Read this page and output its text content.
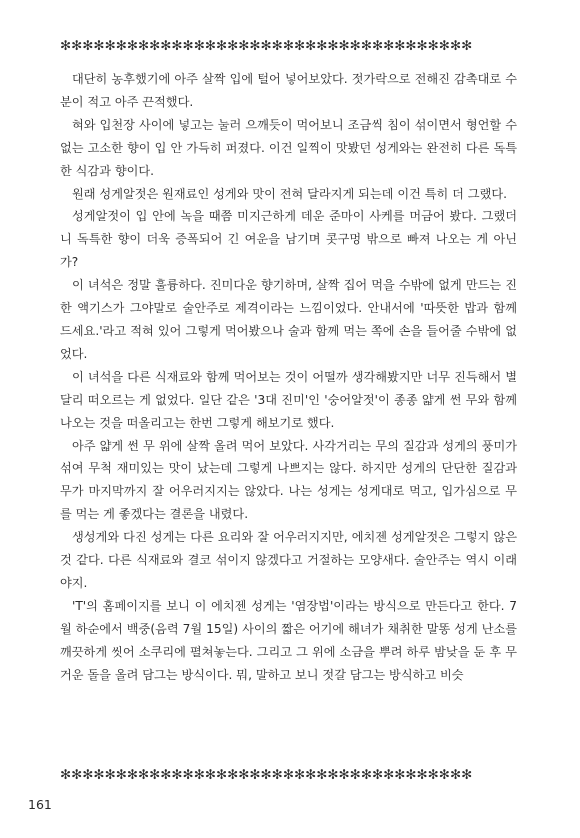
✻✻✻✻✻✻✻✻✻✻✻✻✻✻✻✻✻✻✻✻✻✻✻✻✻✻✻✻✻✻✻✻✻✻✻✻✻

대단히 농후했기에 아주 살짝 입에 털어 넣어보았다. 젓가락으로 전해진 감촉대로 수분이 적고 아주 끈적했다.

혀와 입천장 사이에 넣고는 눌러 으깨듯이 먹어보니 조금씩 침이 섞이면서 형언할 수 없는 고소한 향이 입 안 가득히 퍼졌다. 이건 일찍이 맛봤던 성게와는 완전히 다른 독특한 식감과 향이다.

원래 성게알젓은 원재료인 성게와 맛이 전혀 달라지게 되는데 이건 특히 더 그랬다.

성게알젓이 입 안에 녹을 때쯤 미지근하게 데운 준마이 사케를 머금어 봤다. 그랬더니 독특한 향이 더욱 증폭되어 긴 여운을 남기며 콧구멍 밖으로 빠져 나오는 게 아닌가?

이 녀석은 정말 훌륭하다. 진미다운 향기하며, 살짝 집어 먹을 수밖에 없게 만드는 진한 액기스가 그야말로 술안주로 제격이라는 느낌이었다. 안내서에 '따뜻한 밥과 함께 드세요.'라고 적혀 있어 그렇게 먹어봤으나 술과 함께 먹는 쪽에 손을 들어줄 수밖에 없었다.

이 녀석을 다른 식재료와 함께 먹어보는 것이 어떨까 생각해봤지만 너무 진득해서 별 달리 떠오르는 게 없었다. 일단 같은 '3대 진미'인 '숭어알젓'이 종종 얇게 썬 무와 함께 나오는 것을 떠올리고는 한번 그렇게 해보기로 했다.

아주 얇게 썬 무 위에 살짝 올려 먹어 보았다. 사각거리는 무의 질감과 성게의 풍미가 섞여 무척 재미있는 맛이 났는데 그렇게 나쁘지는 않다. 하지만 성게의 단단한 질감과 무가 마지막까지 잘 어우러지지는 않았다. 나는 성게는 성게대로 먹고, 입가심으로 무를 먹는 게 좋겠다는 결론을 내렸다.

생성게와 다진 성게는 다른 요리와 잘 어우러지지만, 에치젠 성게알젓은 그렇지 않은 것 같다. 다른 식재료와 결코 섞이지 않겠다고 거절하는 모양새다. 술안주는 역시 이래야지.

'T'의 홈페이지를 보니 이 에치젠 성게는 '염장법'이라는 방식으로 만든다고 한다. 7월 하순에서 백중(음력 7월 15일) 사이의 짧은 어기에 해녀가 채취한 말똥 성게 난소를 깨끗하게 씻어 소쿠리에 펼쳐놓는다. 그리고 그 위에 소금을 뿌려 하루 밤낮을 둔 후 무거운 돌을 올려 담그는 방식이다. 뭐, 말하고 보니 젓갈 담그는 방식하고 비슷

✻✻✻✻✻✻✻✻✻✻✻✻✻✻✻✻✻✻✻✻✻✻✻✻✻✻✻✻✻✻✻✻✻✻✻✻✻
161
